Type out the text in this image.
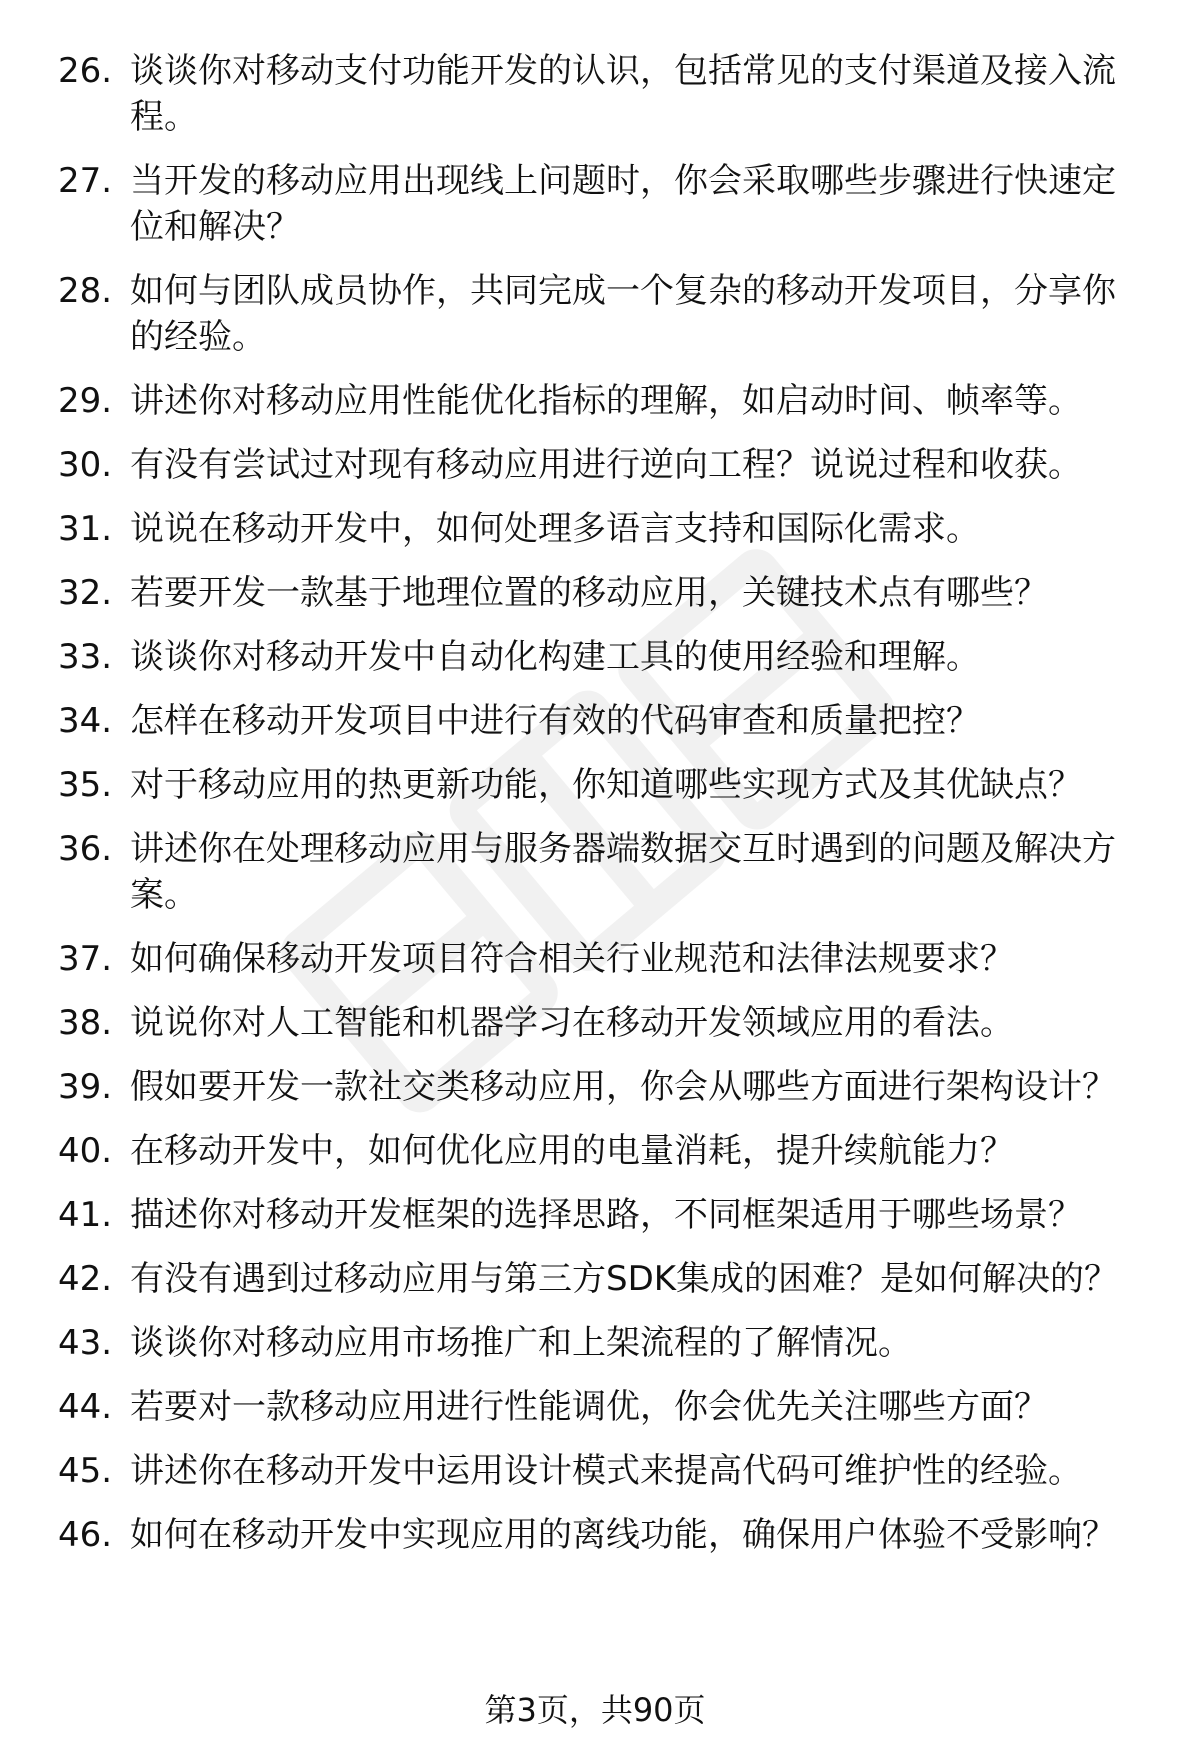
26. 谈谈你对移动支付功能开发的认识，包括常见的支付渠道及接入流程。
27. 当开发的移动应用出现线上问题时，你会采取哪些步骤进行快速定位和解决？
28. 如何与团队成员协作，共同完成一个复杂的移动开发项目，分享你的经验。
29. 讲述你对移动应用性能优化指标的理解，如启动时间、帧率等。
30. 有没有尝试过对现有移动应用进行逆向工程？说说过程和收获。
31. 说说在移动开发中，如何处理多语言支持和国际化需求。
32. 若要开发一款基于地理位置的移动应用，关键技术点有哪些？
33. 谈谈你对移动开发中自动化构建工具的使用经验和理解。
34. 怎样在移动开发项目中进行有效的代码审查和质量把控？
35. 对于移动应用的热更新功能，你知道哪些实现方式及其优缺点？
36. 讲述你在处理移动应用与服务器端数据交互时遇到的问题及解决方案。
37. 如何确保移动开发项目符合相关行业规范和法律法规要求？
38. 说说你对人工智能和机器学习在移动开发领域应用的看法。
39. 假如要开发一款社交类移动应用，你会从哪些方面进行架构设计？
40. 在移动开发中，如何优化应用的电量消耗，提升续航能力？
41. 描述你对移动开发框架的选择思路，不同框架适用于哪些场景？
42. 有没有遇到过移动应用与第三方SDK集成的困难？是如何解决的？
43. 谈谈你对移动应用市场推广和上架流程的了解情况。
44. 若要对一款移动应用进行性能调优，你会优先关注哪些方面？
45. 讲述你在移动开发中运用设计模式来提高代码可维护性的经验。
46. 如何在移动开发中实现应用的离线功能，确保用户体验不受影响？
第3页，共90页
